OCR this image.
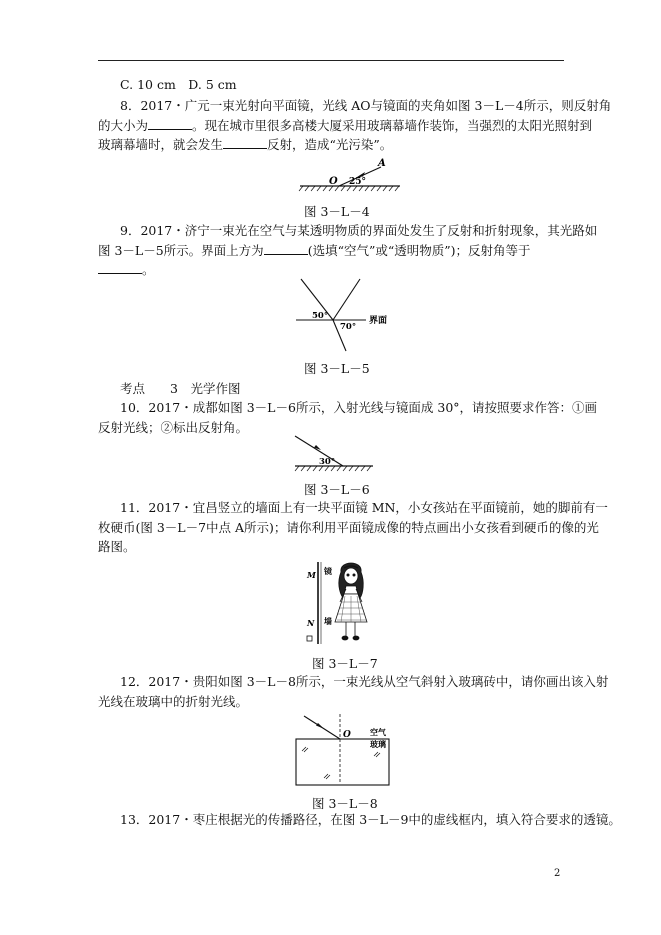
C. 10 cm　D. 5 cm
8．2017・广元一束光射向平面镜，光线 AO与镜面的夹角如图 3－L－4所示，则反射角
的大小为	。现在城市里很多高楼大厦采用玻璃幕墙作装饰，当强烈的太阳光照射到
玻璃幕墙时，就会发生	反射，造成“光污染”。
A
O 25°
图 3－L－4
9．2017・济宁一束光在空气与某透明物质的界面处发生了反射和折射现象，其光路如
图 3－L－5所示。界面上方为	(选填“空气”或“透明物质”)；反射角等于
。
50°
70°
界面
图 3－L－5
考点　　3　光学作图
10．2017・成都如图 3－L－6所示，入射光线与镜面成 30°，请按照要求作答：①画
反射光线；②标出反射角。
30°
图 3－L－6
11．2017・宜昌竖立的墙面上有一块平面镜 MN，小女孩站在平面镜前，她的脚前有一
枚硬币(图 3－L－7中点 A所示)；请你利用平面镜成像的特点画出小女孩看到硬币的像的光
路图。
M
N
镜
墙
图 3－L－7
12．2017・贵阳如图 3－L－8所示，一束光线从空气斜射入玻璃砖中，请你画出该入射
光线在玻璃中的折射光线。
O 空气
玻璃
图 3－L－8
13．2017・枣庄根据光的传播路径，在图 3－L－9中的虚线框内，填入符合要求的透镜。
2
